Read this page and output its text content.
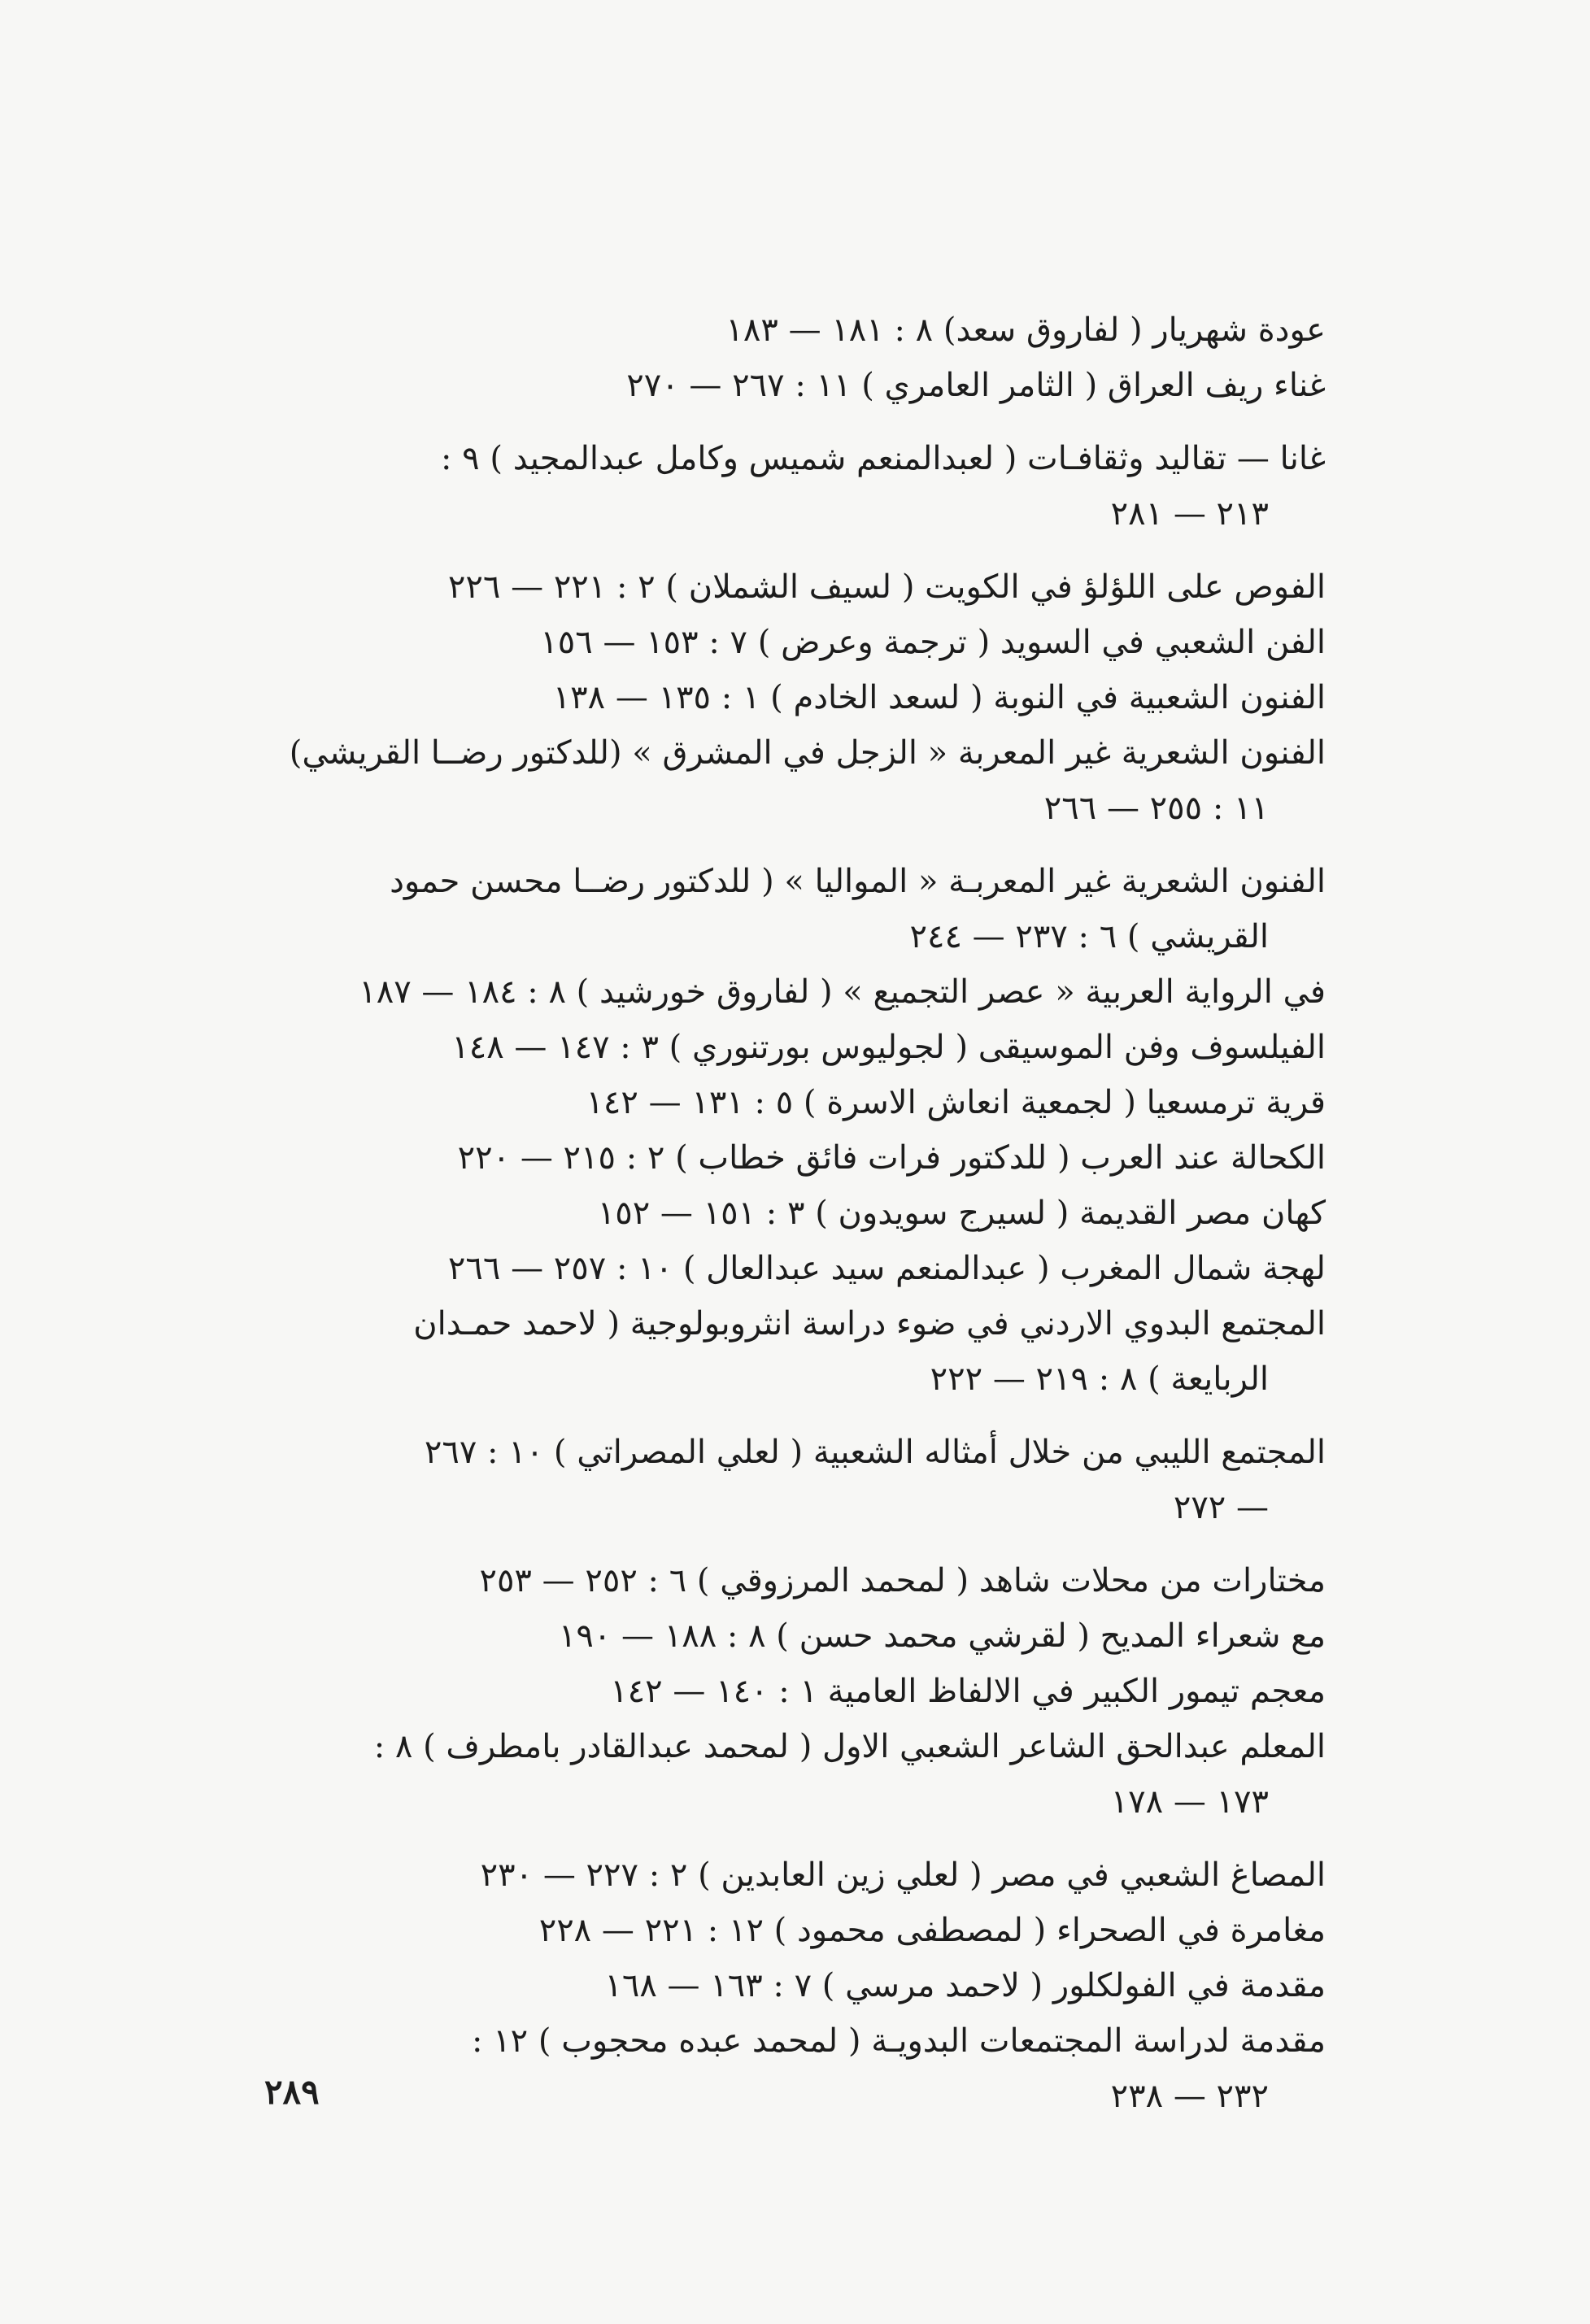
عودة شهريار ( لفاروق سعد) ٨ : ١٨١ — ١٨٣
غناء ريف العراق ( الثامر العامري ) ١١ : ٢٦٧ — ٢٧٠
غانا — تقاليد وثقافـات ( لعبدالمنعم شميس وكامل عبدالمجيد ) ٩ :
٢١٣ — ٢٨١
الفوص على اللؤلؤ في الكويت ( لسيف الشملان ) ٢ : ٢٢١ — ٢٢٦
الفن الشعبي في السويد ( ترجمة وعرض ) ٧ : ١٥٣ — ١٥٦
الفنون الشعبية في النوبة ( لسعد الخادم ) ١ : ١٣٥ — ١٣٨
الفنون الشعرية غير المعربة « الزجل في المشرق » (للدكتور رضــا القريشي)
١١ : ٢٥٥ — ٢٦٦
الفنون الشعرية غير المعربـة « المواليا » ( للدكتور رضــا محسن حمود
القريشي ) ٦ : ٢٣٧ — ٢٤٤
في الرواية العربية « عصر التجميع » ( لفاروق خورشيد ) ٨ : ١٨٤ — ١٨٧
الفيلسوف وفن الموسيقى ( لجوليوس بورتنوري ) ٣ : ١٤٧ — ١٤٨
قرية ترمسعيا ( لجمعية انعاش الاسرة ) ٥ : ١٣١ — ١٤٢
الكحالة عند العرب ( للدكتور فرات فائق خطاب ) ٢ : ٢١٥ — ٢٢٠
كهان مصر القديمة ( لسيرج سويدون ) ٣ : ١٥١ — ١٥٢
لهجة شمال المغرب ( عبدالمنعم سيد عبدالعال ) ١٠ : ٢٥٧ — ٢٦٦
المجتمع البدوي الاردني في ضوء دراسة انثروبولوجية ( لاحمد حمـدان
الربايعة ) ٨ : ٢١٩ — ٢٢٢
المجتمع الليبي من خلال أمثاله الشعبية ( لعلي المصراتي ) ١٠ : ٢٦٧
— ٢٧٢
مختارات من محلات شاهد ( لمحمد المرزوقي ) ٦ : ٢٥٢ — ٢٥٣
مع شعراء المديح ( لقرشي محمد حسن ) ٨ : ١٨٨ — ١٩٠
معجم تيمور الكبير في الالفاظ العامية ١ : ١٤٠ — ١٤٢
المعلم عبدالحق الشاعر الشعبي الاول ( لمحمد عبدالقادر بامطرف ) ٨ :
١٧٣ — ١٧٨
المصاغ الشعبي في مصر ( لعلي زين العابدين ) ٢ : ٢٢٧ — ٢٣٠
مغامرة في الصحراء ( لمصطفى محمود ) ١٢ : ٢٢١ — ٢٢٨
مقدمة في الفولكلور ( لاحمد مرسي ) ٧ : ١٦٣ — ١٦٨
مقدمة لدراسة المجتمعات البدويـة ( لمحمد عبده محجوب ) ١٢ :
٢٣٢ — ٢٣٨
٢٨٩
